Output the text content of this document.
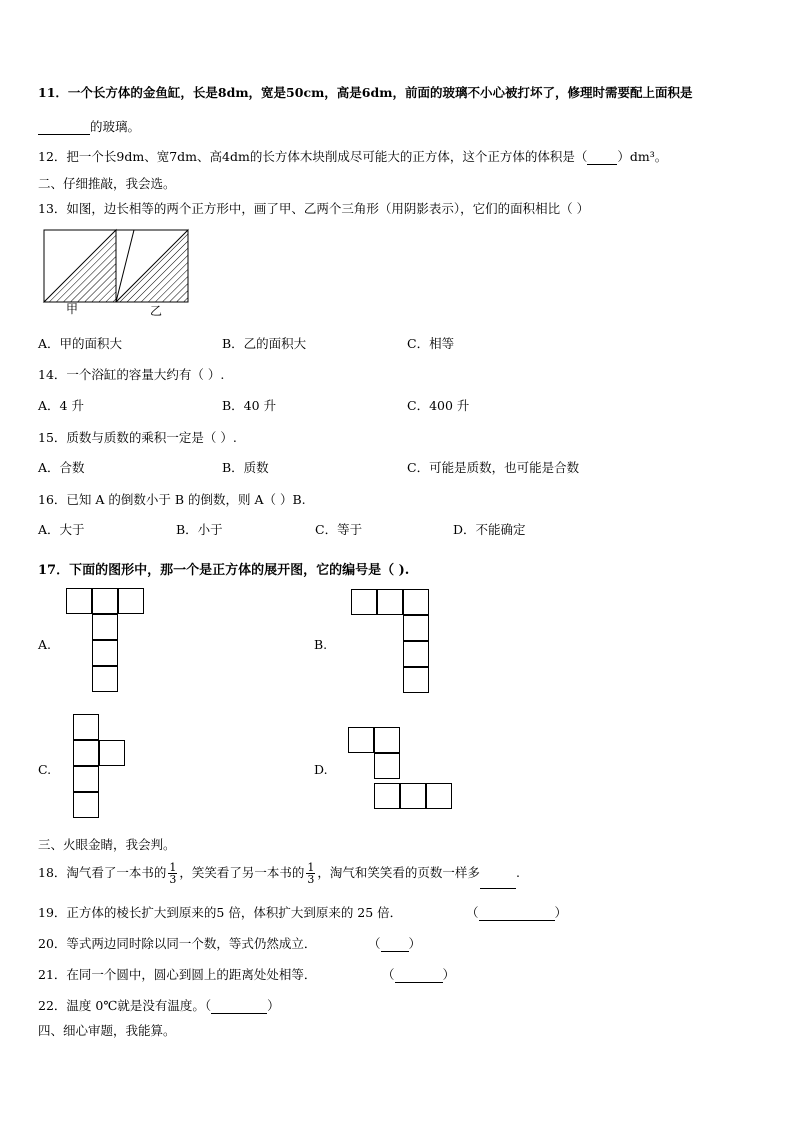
11．一个长方体的金鱼缸，长是8dm，宽是50cm，高是6dm，前面的玻璃不小心被打坏了，修理时需要配上面积是
的玻璃。
12．把一个长9dm、宽7dm、高4dm的长方体木块削成尽可能大的正方体，这个正方体的体积是（ ）dm³。
二、仔细推敲，我会选。
13．如图，边长相等的两个正方形中，画了甲、乙两个三角形（用阴影表示），它们的面积相比（ ）
甲	乙
A．甲的面积大	B．乙的面积大	C．相等
14．一个浴缸的容量大约有（ ）.
A．4 升	B．40 升	C．400 升
15．质数与质数的乘积一定是（ ）.
A．合数	B．质数	C．可能是质数，也可能是合数
16．已知 A 的倒数小于 B 的倒数，则 A（ ）B.
A．大于	B．小于	C．等于	D．不能确定
17．下面的图形中，那一个是正方体的展开图，它的编号是（ ).
A.	B.
C.	D.
三、火眼金睛，我会判。
18．淘气看了一本书的 $\frac{1}{3}$ ，笑笑看了另一本书的 $\frac{1}{3}$ ，淘气和笑笑看的页数一样多	.
19．正方体的棱长扩大到原来的5 倍，体积扩大到原来的 25 倍．	（	）
20．等式两边同时除以同一个数，等式仍然成立．	（ ）
21．在同一个圆中，圆心到圆上的距离处处相等．	（	）
22．温度 0℃就是没有温度。（	）
四、细心审题，我能算。
